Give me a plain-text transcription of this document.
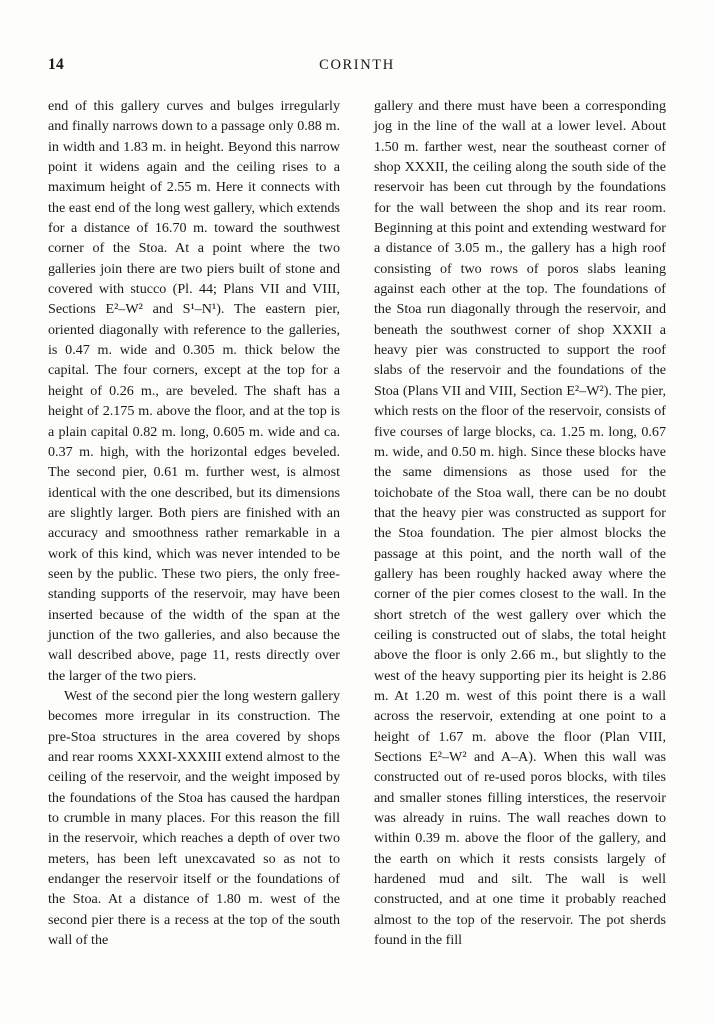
14	CORINTH

end of this gallery curves and bulges irregularly and finally narrows down to a passage only 0.88 m. in width and 1.83 m. in height. Beyond this narrow point it widens again and the ceiling rises to a maximum height of 2.55 m. Here it connects with the east end of the long west gallery, which extends for a distance of 16.70 m. toward the southwest corner of the Stoa. At a point where the two galleries join there are two piers built of stone and covered with stucco (Pl. 44; Plans VII and VIII, Sections E²–W² and S¹–N¹). The eastern pier, oriented diagonally with reference to the galleries, is 0.47 m. wide and 0.305 m. thick below the capital. The four corners, except at the top for a height of 0.26 m., are beveled. The shaft has a height of 2.175 m. above the floor, and at the top is a plain capital 0.82 m. long, 0.605 m. wide and ca. 0.37 m. high, with the horizontal edges beveled. The second pier, 0.61 m. further west, is almost identical with the one described, but its dimensions are slightly larger. Both piers are finished with an accuracy and smoothness rather remarkable in a work of this kind, which was never intended to be seen by the public. These two piers, the only free-standing supports of the reservoir, may have been inserted because of the width of the span at the junction of the two galleries, and also because the wall described above, page 11, rests directly over the larger of the two piers.

West of the second pier the long western gallery becomes more irregular in its construction. The pre-Stoa structures in the area covered by shops and rear rooms XXXI-XXXIII extend almost to the ceiling of the reservoir, and the weight imposed by the foundations of the Stoa has caused the hardpan to crumble in many places. For this reason the fill in the reservoir, which reaches a depth of over two meters, has been left unexcavated so as not to endanger the reservoir itself or the foundations of the Stoa. At a distance of 1.80 m. west of the second pier there is a recess at the top of the south wall of the

gallery and there must have been a corresponding jog in the line of the wall at a lower level. About 1.50 m. farther west, near the southeast corner of shop XXXII, the ceiling along the south side of the reservoir has been cut through by the foundations for the wall between the shop and its rear room. Beginning at this point and extending westward for a distance of 3.05 m., the gallery has a high roof consisting of two rows of poros slabs leaning against each other at the top. The foundations of the Stoa run diagonally through the reservoir, and beneath the southwest corner of shop XXXII a heavy pier was constructed to support the roof slabs of the reservoir and the foundations of the Stoa (Plans VII and VIII, Section E²–W²). The pier, which rests on the floor of the reservoir, consists of five courses of large blocks, ca. 1.25 m. long, 0.67 m. wide, and 0.50 m. high. Since these blocks have the same dimensions as those used for the toichobate of the Stoa wall, there can be no doubt that the heavy pier was constructed as support for the Stoa foundation. The pier almost blocks the passage at this point, and the north wall of the gallery has been roughly hacked away where the corner of the pier comes closest to the wall. In the short stretch of the west gallery over which the ceiling is constructed out of slabs, the total height above the floor is only 2.66 m., but slightly to the west of the heavy supporting pier its height is 2.86 m. At 1.20 m. west of this point there is a wall across the reservoir, extending at one point to a height of 1.67 m. above the floor (Plan VIII, Sections E²–W² and A–A). When this wall was constructed out of re-used poros blocks, with tiles and smaller stones filling interstices, the reservoir was already in ruins. The wall reaches down to within 0.39 m. above the floor of the gallery, and the earth on which it rests consists largely of hardened mud and silt. The wall is well constructed, and at one time it probably reached almost to the top of the reservoir. The pot sherds found in the fill
